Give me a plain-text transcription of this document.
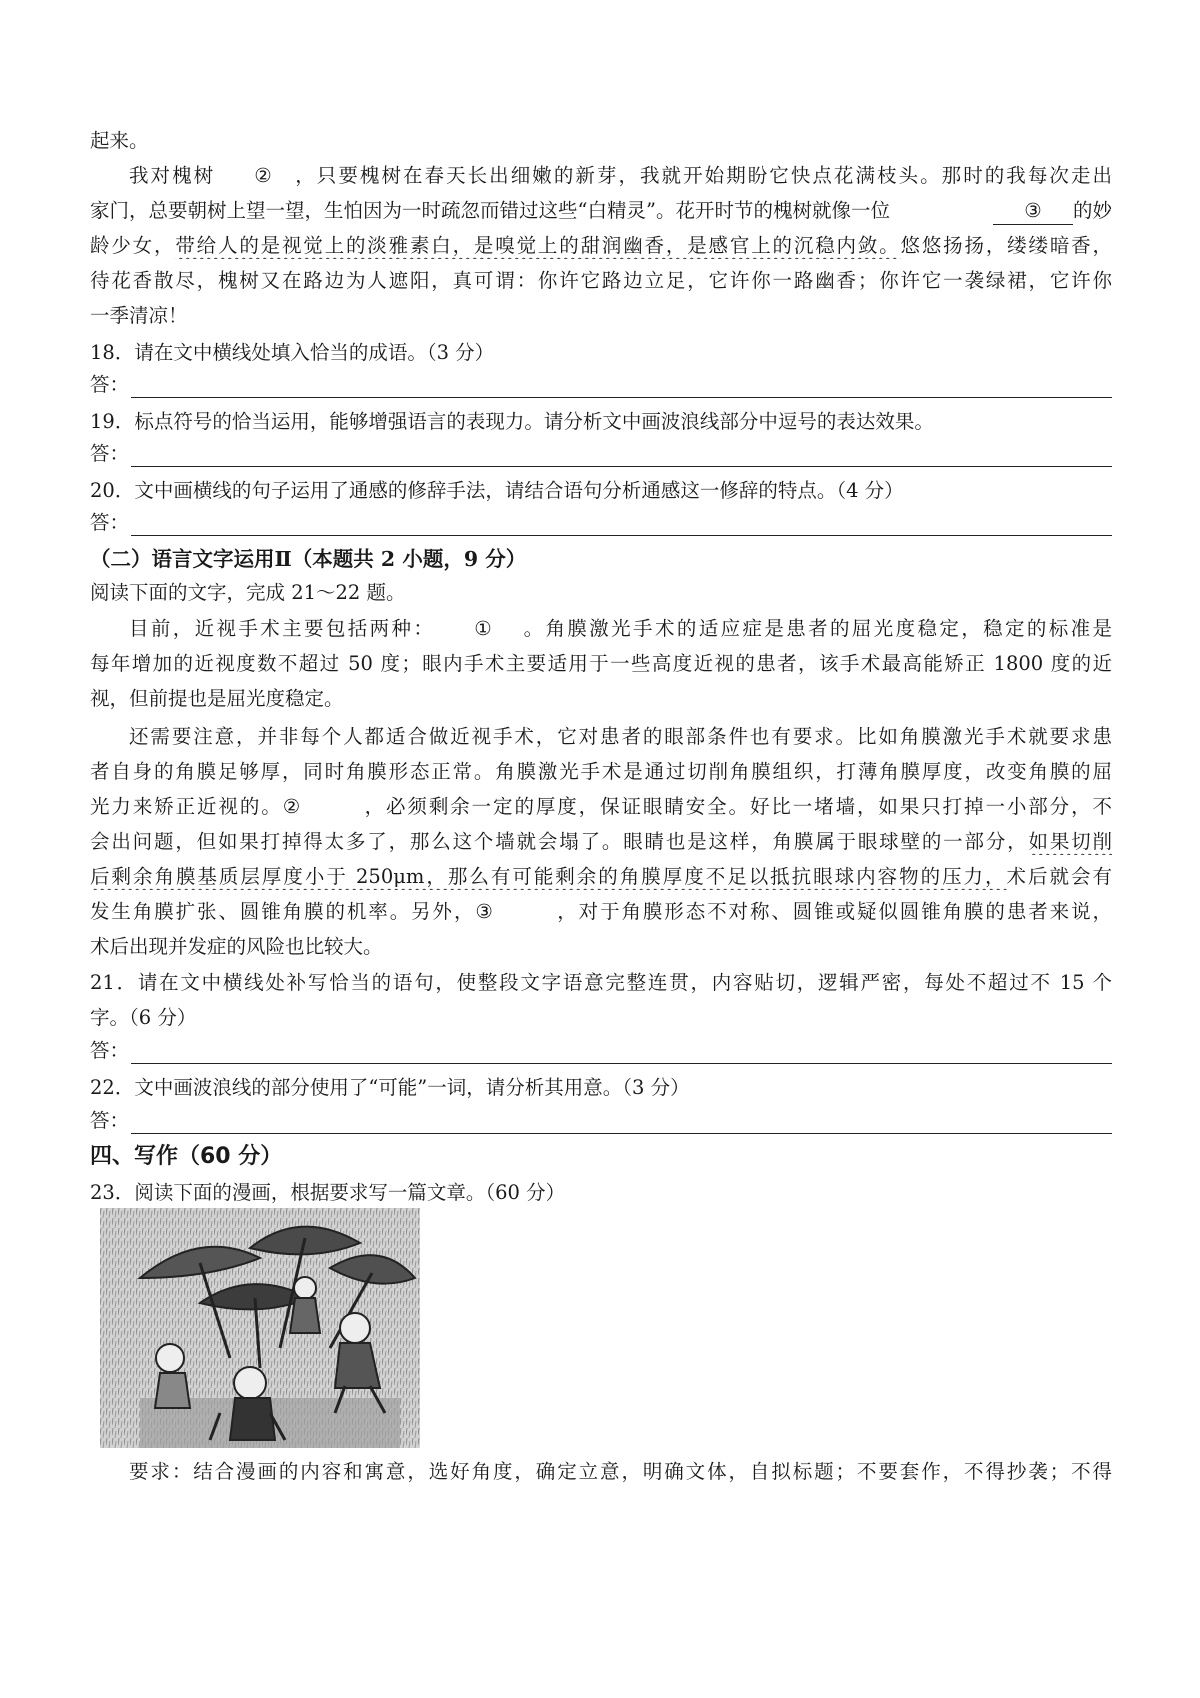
起来。
我对槐树 ② ，只要槐树在春天长出细嫩的新芽，我就开始期盼它快点花满枝头。那时的我每次走出
家门，总要朝树上望一望，生怕因为一时疏忽而错过这些“白精灵”。花开时节的槐树就像一位	③ 的妙
龄少女，带给人的是视觉上的淡雅素白，是嗅觉上的甜润幽香，是感官上的沉稳内敛。悠悠扬扬，缕缕暗香，
待花香散尽，槐树又在路边为人遮阳，真可谓：你许它路边立足，它许你一路幽香；你许它一袭绿裙，它许你
一季清凉！
18．请在文中横线处填入恰当的成语。（3 分）
答：
19．标点符号的恰当运用，能够增强语言的表现力。请分析文中画波浪线部分中逗号的表达效果。
答：
20．文中画横线的句子运用了通感的修辞手法，请结合语句分析通感这一修辞的特点。（4 分）
答：
（二）语言文字运用Ⅱ（本题共 2 小题，9 分）
阅读下面的文字，完成 21～22 题。
目前，近视手术主要包括两种： ① 。角膜激光手术的适应症是患者的屈光度稳定，稳定的标准是
每年增加的近视度数不超过 50 度；眼内手术主要适用于一些高度近视的患者，该手术最高能矫正 1800 度的近
视，但前提也是屈光度稳定。
还需要注意，并非每个人都适合做近视手术，它对患者的眼部条件也有要求。比如角膜激光手术就要求患
者自身的角膜足够厚，同时角膜形态正常。角膜激光手术是通过切削角膜组织，打薄角膜厚度，改变角膜的屈
光力来矫正近视的。②	，必须剩余一定的厚度，保证眼睛安全。好比一堵墙，如果只打掉一小部分，不
会出问题，但如果打掉得太多了，那么这个墙就会塌了。眼睛也是这样，角膜属于眼球壁的一部分，如果切削
后剩余角膜基质层厚度小于 250μm，那么有可能剩余的角膜厚度不足以抵抗眼球内容物的压力，术后就会有
发生角膜扩张、圆锥角膜的机率。另外，③	，对于角膜形态不对称、圆锥或疑似圆锥角膜的患者来说，
术后出现并发症的风险也比较大。
21．请在文中横线处补写恰当的语句，使整段文字语意完整连贯，内容贴切，逻辑严密，每处不超过不 15 个
字。（6 分）
答：
22．文中画波浪线的部分使用了“可能”一词，请分析其用意。（3 分）
答：
四、写作（60 分）
23．阅读下面的漫画，根据要求写一篇文章。（60 分）
要求：结合漫画的内容和寓意，选好角度，确定立意，明确文体，自拟标题；不要套作，不得抄袭；不得
